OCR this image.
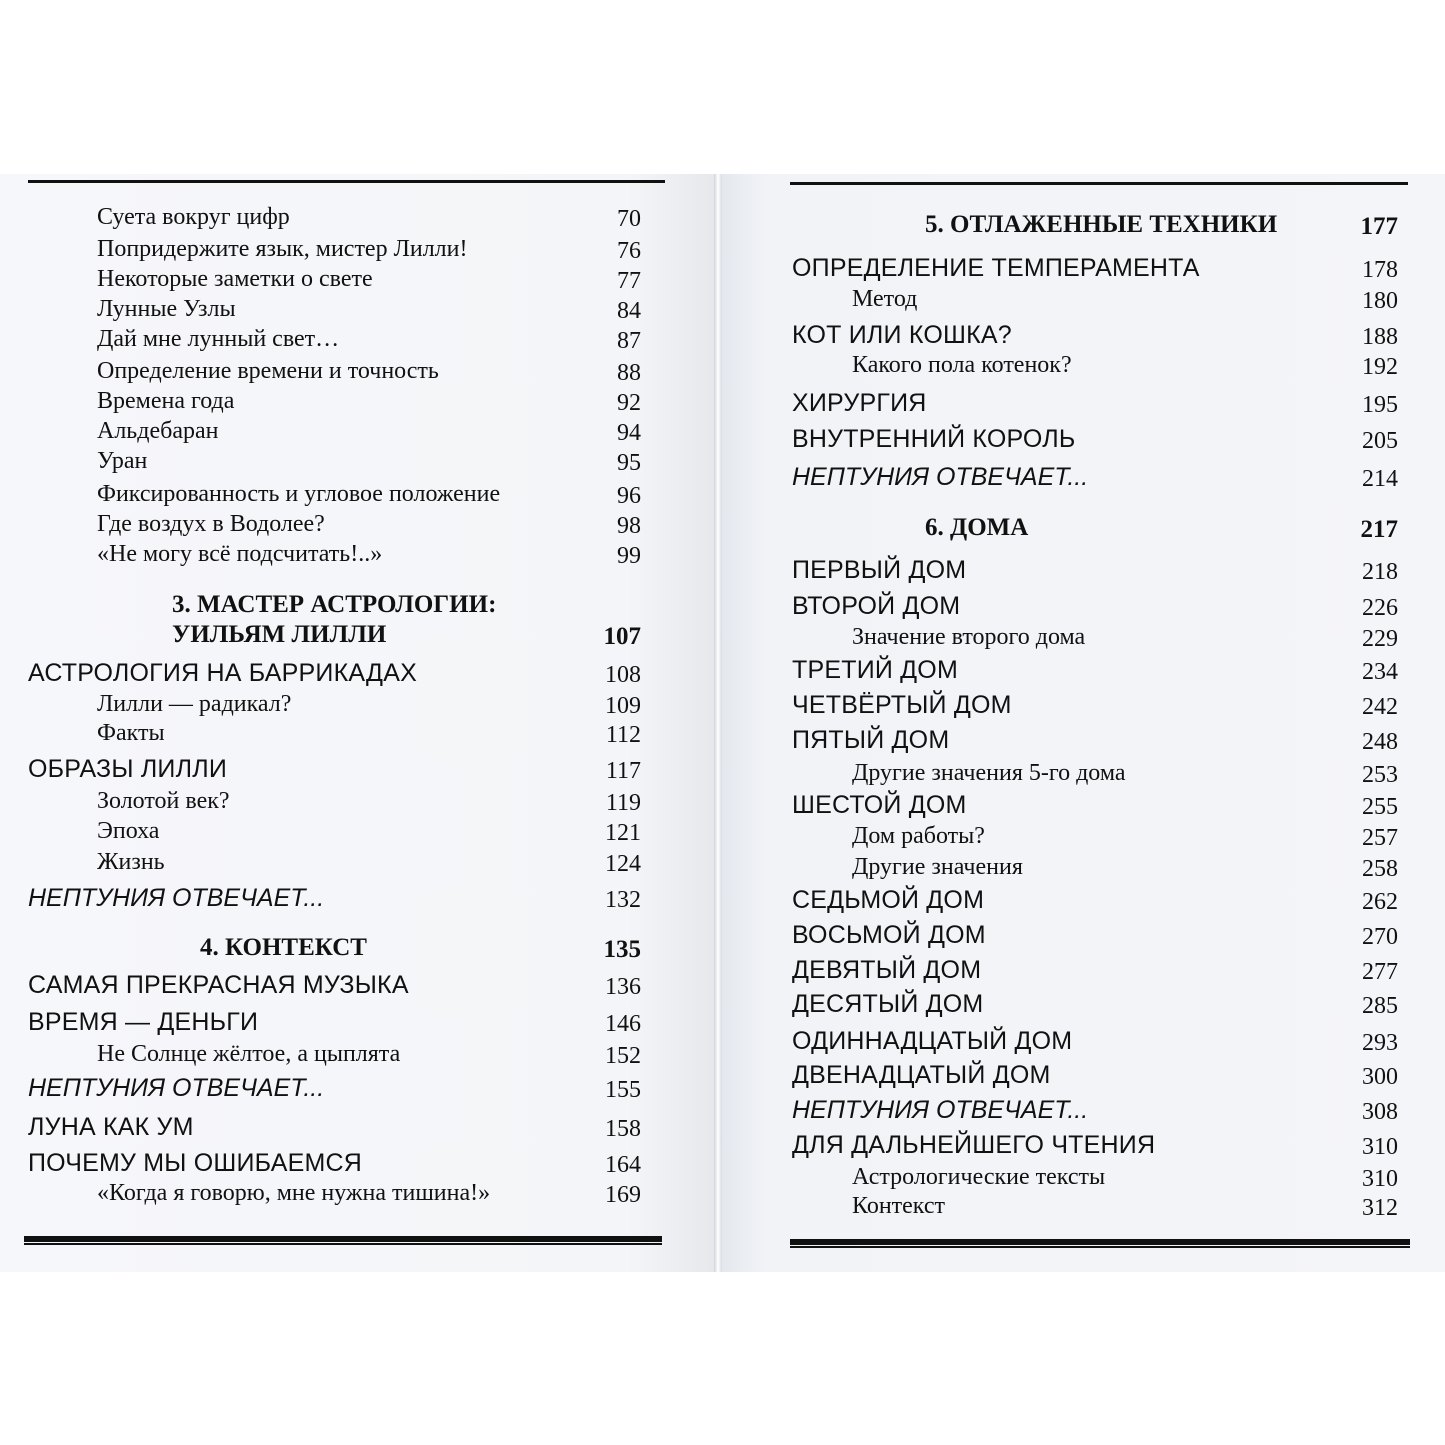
Суета вокруг цифр	70
Попридержите язык, мистер Лилли!	76
Некоторые заметки о свете	77
Лунные Узлы	84
Дай мне лунный свет…	87
Определение времени и точность	88
Времена года	92
Альдебаран	94
Уран	95
Фиксированность и угловое положение	96
Где воздух в Водолее?	98
«Не могу всё подсчитать!..»	99
3. МАСТЕР АСТРОЛОГИИ:
УИЛЬЯМ ЛИЛЛИ	107
АСТРОЛОГИЯ НА БАРРИКАДАХ	108
Лилли — радикал?	109
Факты	112
ОБРАЗЫ ЛИЛЛИ	117
Золотой век?	119
Эпоха	121
Жизнь	124
НЕПТУНИЯ ОТВЕЧАЕТ...	132
4. КОНТЕКСТ	135
САМАЯ ПРЕКРАСНАЯ МУЗЫКА	136
ВРЕМЯ — ДЕНЬГИ	146
Не Солнце жёлтое, а цыплята	152
НЕПТУНИЯ ОТВЕЧАЕТ...	155
ЛУНА КАК УМ	158
ПОЧЕМУ МЫ ОШИБАЕМСЯ	164
«Когда я говорю, мне нужна тишина!»	169
5. ОТЛАЖЕННЫЕ ТЕХНИКИ	177
ОПРЕДЕЛЕНИЕ ТЕМПЕРАМЕНТА	178
Метод	180
КОТ ИЛИ КОШКА?	188
Какого пола котенок?	192
ХИРУРГИЯ	195
ВНУТРЕННИЙ КОРОЛЬ	205
НЕПТУНИЯ ОТВЕЧАЕТ...	214
6. ДОМА	217
ПЕРВЫЙ ДОМ	218
ВТОРОЙ ДОМ	226
Значение второго дома	229
ТРЕТИЙ ДОМ	234
ЧЕТВЁРТЫЙ ДОМ	242
ПЯТЫЙ ДОМ	248
Другие значения 5-го дома	253
ШЕСТОЙ ДОМ	255
Дом работы?	257
Другие значения	258
СЕДЬМОЙ ДОМ	262
ВОСЬМОЙ ДОМ	270
ДЕВЯТЫЙ ДОМ	277
ДЕСЯТЫЙ ДОМ	285
ОДИННАДЦАТЫЙ ДОМ	293
ДВЕНАДЦАТЫЙ ДОМ	300
НЕПТУНИЯ ОТВЕЧАЕТ...	308
ДЛЯ ДАЛЬНЕЙШЕГО ЧТЕНИЯ	310
Астрологические тексты	310
Контекст	312
